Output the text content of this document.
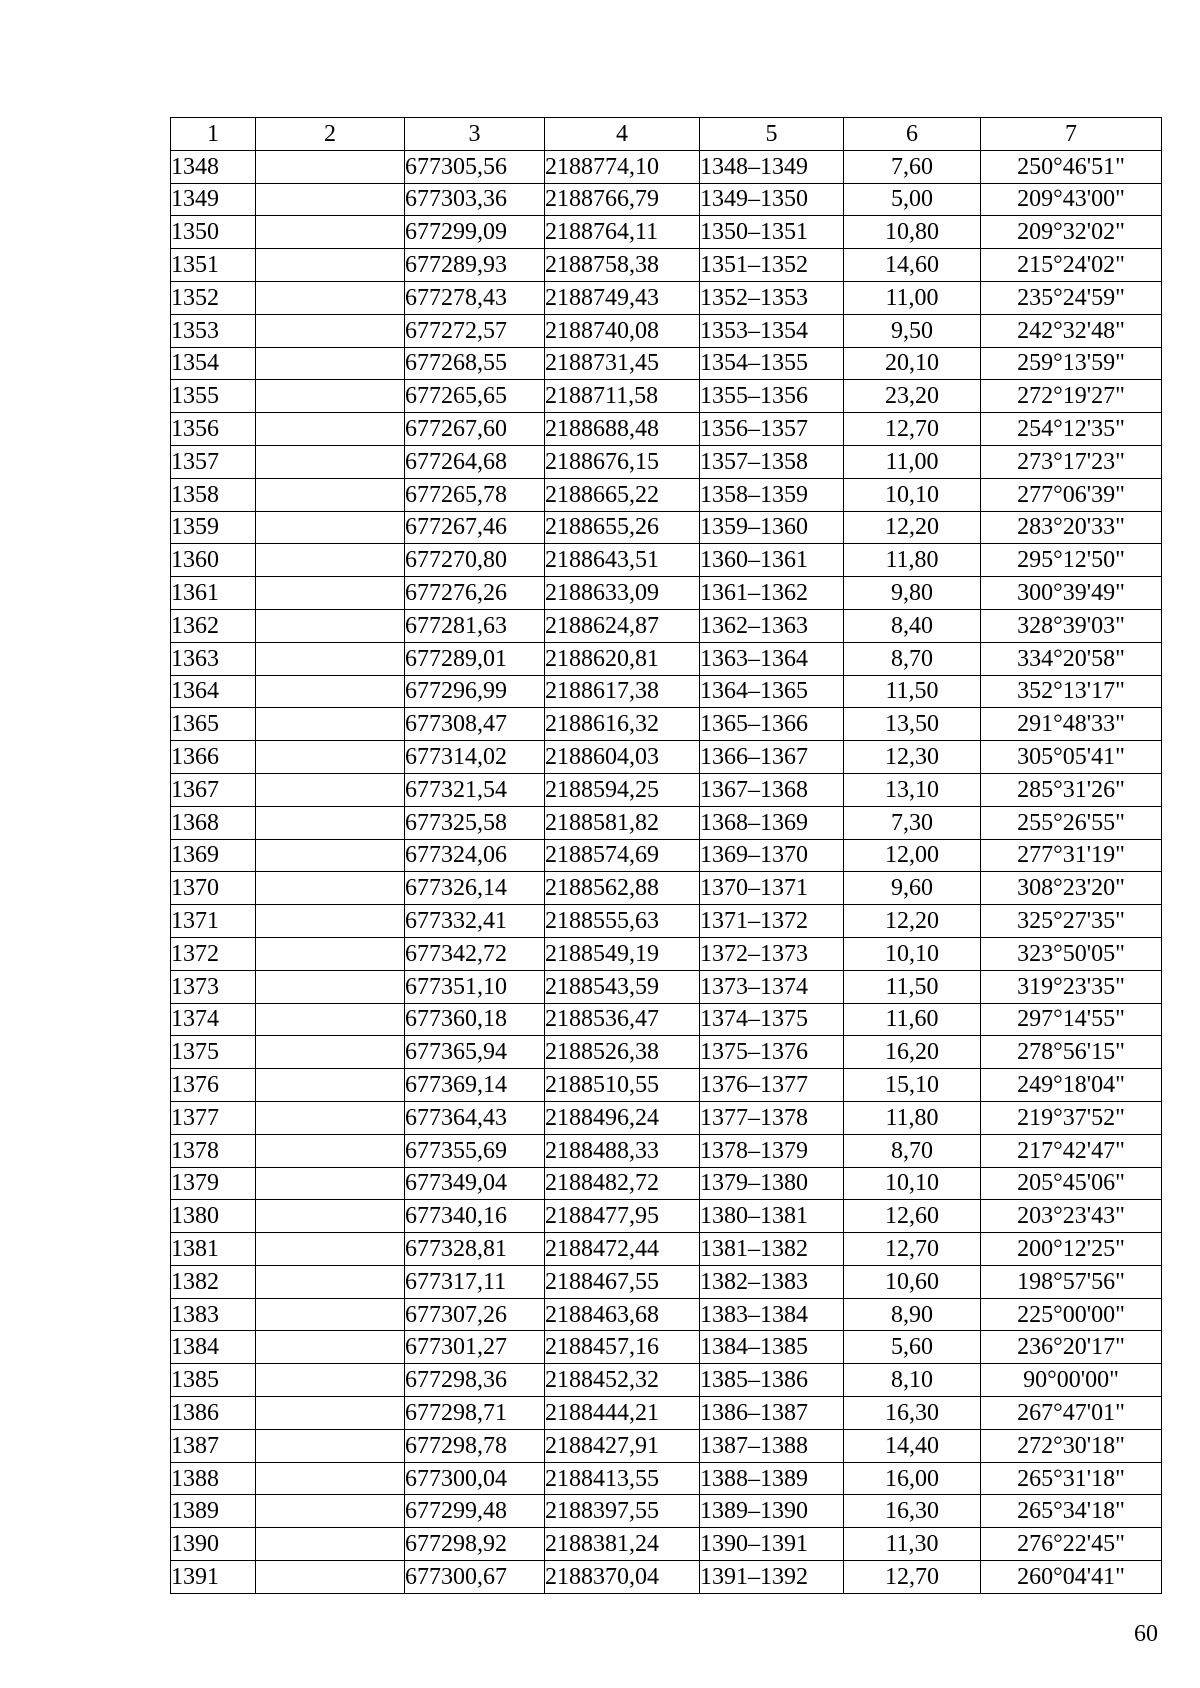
1	2	3	4	5	6	7
1348		677305,56	2188774,10	1348–1349	7,60	250°46'51"
1349		677303,36	2188766,79	1349–1350	5,00	209°43'00"
1350		677299,09	2188764,11	1350–1351	10,80	209°32'02"
1351		677289,93	2188758,38	1351–1352	14,60	215°24'02"
1352		677278,43	2188749,43	1352–1353	11,00	235°24'59"
1353		677272,57	2188740,08	1353–1354	9,50	242°32'48"
1354		677268,55	2188731,45	1354–1355	20,10	259°13'59"
1355		677265,65	2188711,58	1355–1356	23,20	272°19'27"
1356		677267,60	2188688,48	1356–1357	12,70	254°12'35"
1357		677264,68	2188676,15	1357–1358	11,00	273°17'23"
1358		677265,78	2188665,22	1358–1359	10,10	277°06'39"
1359		677267,46	2188655,26	1359–1360	12,20	283°20'33"
1360		677270,80	2188643,51	1360–1361	11,80	295°12'50"
1361		677276,26	2188633,09	1361–1362	9,80	300°39'49"
1362		677281,63	2188624,87	1362–1363	8,40	328°39'03"
1363		677289,01	2188620,81	1363–1364	8,70	334°20'58"
1364		677296,99	2188617,38	1364–1365	11,50	352°13'17"
1365		677308,47	2188616,32	1365–1366	13,50	291°48'33"
1366		677314,02	2188604,03	1366–1367	12,30	305°05'41"
1367		677321,54	2188594,25	1367–1368	13,10	285°31'26"
1368		677325,58	2188581,82	1368–1369	7,30	255°26'55"
1369		677324,06	2188574,69	1369–1370	12,00	277°31'19"
1370		677326,14	2188562,88	1370–1371	9,60	308°23'20"
1371		677332,41	2188555,63	1371–1372	12,20	325°27'35"
1372		677342,72	2188549,19	1372–1373	10,10	323°50'05"
1373		677351,10	2188543,59	1373–1374	11,50	319°23'35"
1374		677360,18	2188536,47	1374–1375	11,60	297°14'55"
1375		677365,94	2188526,38	1375–1376	16,20	278°56'15"
1376		677369,14	2188510,55	1376–1377	15,10	249°18'04"
1377		677364,43	2188496,24	1377–1378	11,80	219°37'52"
1378		677355,69	2188488,33	1378–1379	8,70	217°42'47"
1379		677349,04	2188482,72	1379–1380	10,10	205°45'06"
1380		677340,16	2188477,95	1380–1381	12,60	203°23'43"
1381		677328,81	2188472,44	1381–1382	12,70	200°12'25"
1382		677317,11	2188467,55	1382–1383	10,60	198°57'56"
1383		677307,26	2188463,68	1383–1384	8,90	225°00'00"
1384		677301,27	2188457,16	1384–1385	5,60	236°20'17"
1385		677298,36	2188452,32	1385–1386	8,10	90°00'00"
1386		677298,71	2188444,21	1386–1387	16,30	267°47'01"
1387		677298,78	2188427,91	1387–1388	14,40	272°30'18"
1388		677300,04	2188413,55	1388–1389	16,00	265°31'18"
1389		677299,48	2188397,55	1389–1390	16,30	265°34'18"
1390		677298,92	2188381,24	1390–1391	11,30	276°22'45"
1391		677300,67	2188370,04	1391–1392	12,70	260°04'41"
60
